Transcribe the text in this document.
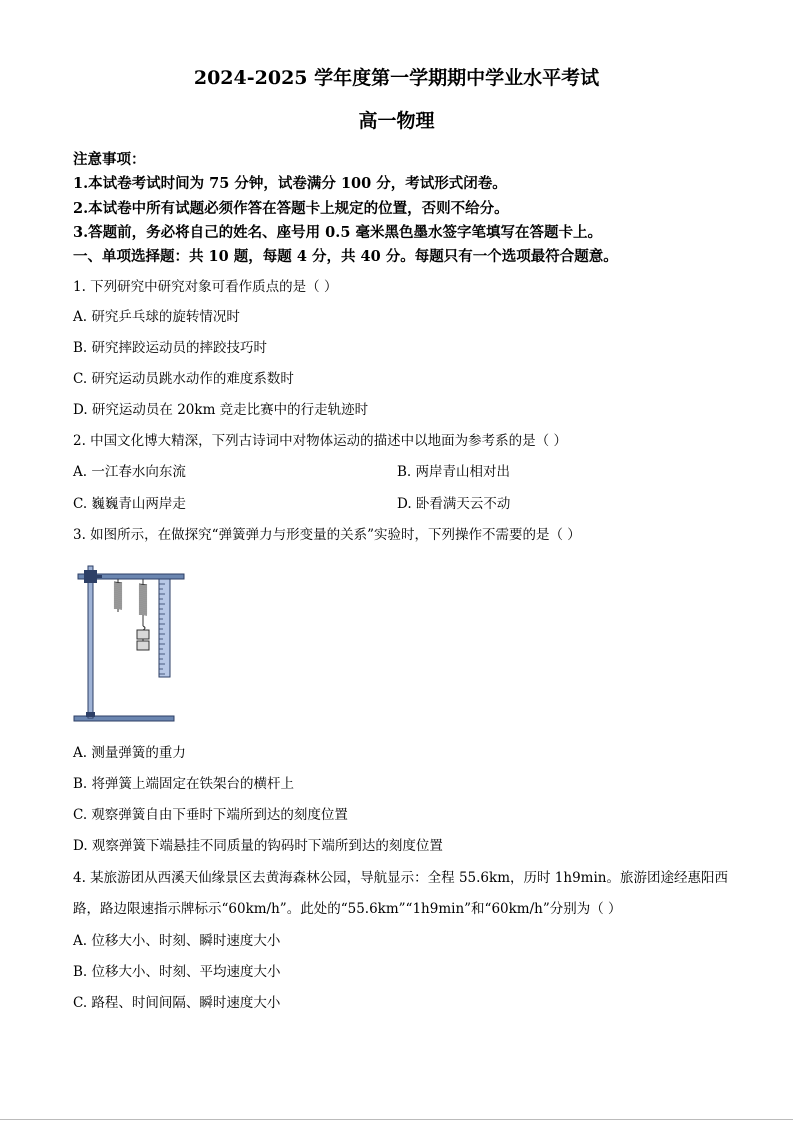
2024-2025 学年度第一学期期中学业水平考试
高一物理
注意事项：
1.本试卷考试时间为 75 分钟，试卷满分 100 分，考试形式闭卷。
2.本试卷中所有试题必须作答在答题卡上规定的位置，否则不给分。
3.答题前，务必将自己的姓名、座号用 0.5 毫米黑色墨水签字笔填写在答题卡上。
一、单项选择题：共 10 题，每题 4 分，共 40 分。每题只有一个选项最符合题意。
1. 下列研究中研究对象可看作质点的是（ ）
A. 研究乒乓球的旋转情况时
B. 研究摔跤运动员的摔跤技巧时
C. 研究运动员跳水动作的难度系数时
D. 研究运动员在 20km 竞走比赛中的行走轨迹时
2. 中国文化博大精深，下列古诗词中对物体运动的描述中以地面为参考系的是（ ）
A. 一江春水向东流	B. 两岸青山相对出
C. 巍巍青山两岸走	D. 卧看满天云不动
3. 如图所示，在做探究“弹簧弹力与形变量的关系”实验时，下列操作不需要的是（ ）
A. 测量弹簧的重力
B. 将弹簧上端固定在铁架台的横杆上
C. 观察弹簧自由下垂时下端所到达的刻度位置
D. 观察弹簧下端悬挂不同质量的钩码时下端所到达的刻度位置
4. 某旅游团从西溪天仙缘景区去黄海森林公园，导航显示：全程 55.6km，历时 1h9min。旅游团途经惠阳西
路，路边限速指示牌标示“60km/h”。此处的“55.6km”“1h9min”和“60km/h”分别为（ ）
A. 位移大小、时刻、瞬时速度大小
B. 位移大小、时刻、平均速度大小
C. 路程、时间间隔、瞬时速度大小
